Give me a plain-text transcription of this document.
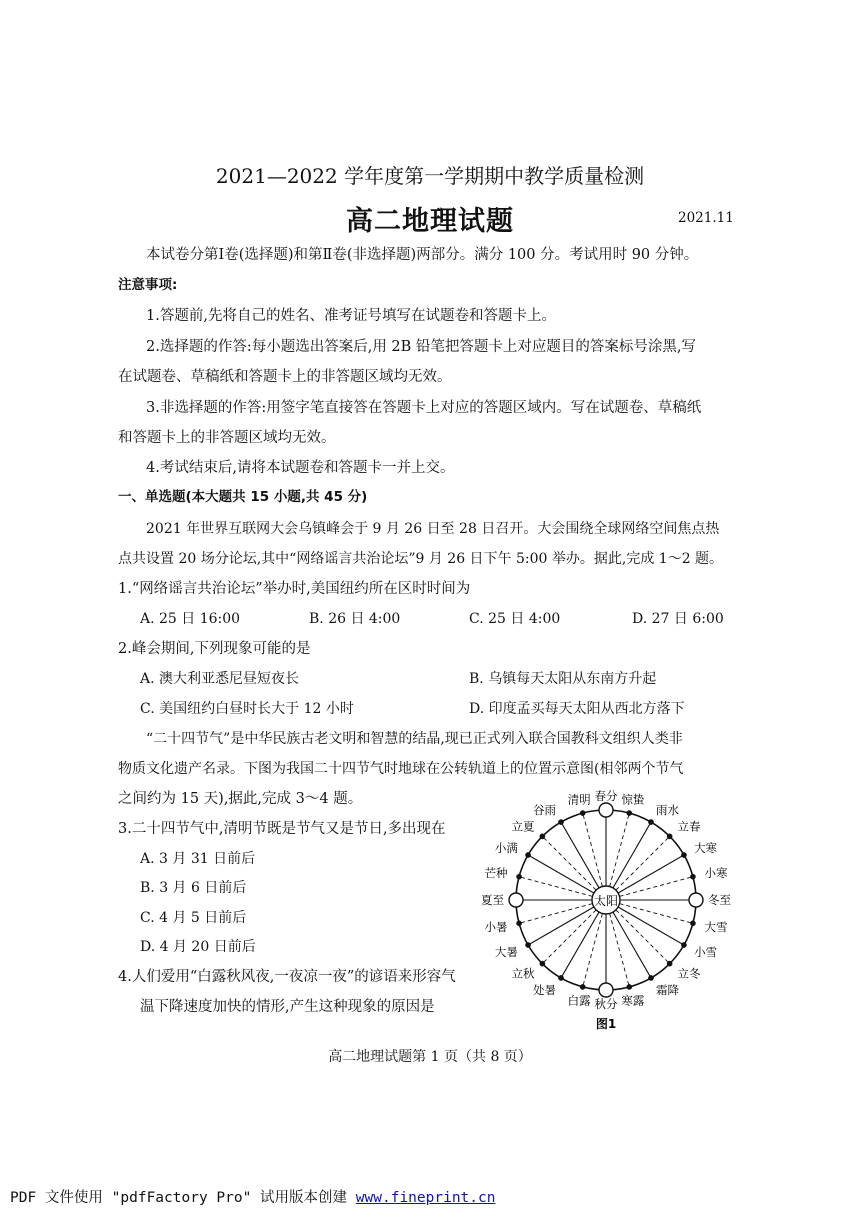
2021—2022 学年度第一学期期中教学质量检测
高二地理试题	2021.11
本试卷分第Ⅰ卷(选择题)和第Ⅱ卷(非选择题)两部分。满分 100 分。考试用时 90 分钟。
注意事项:
1.答题前,先将自己的姓名、准考证号填写在试题卷和答题卡上。
2.选择题的作答:每小题选出答案后,用 2B 铅笔把答题卡上对应题目的答案标号涂黑,写
在试题卷、草稿纸和答题卡上的非答题区域均无效。
3.非选择题的作答:用签字笔直接答在答题卡上对应的答题区域内。写在试题卷、草稿纸
和答题卡上的非答题区域均无效。
4.考试结束后,请将本试题卷和答题卡一并上交。
一、单选题(本大题共 15 小题,共 45 分)
2021 年世界互联网大会乌镇峰会于 9 月 26 日至 28 日召开。大会围绕全球网络空间焦点热
点共设置 20 场分论坛,其中“网络谣言共治论坛”9 月 26 日下午 5:00 举办。据此,完成 1～2 题。
1.“网络谣言共治论坛”举办时,美国纽约所在区时时间为
A. 25 日 16:00	B. 26 日 4:00	C. 25 日 4:00	D. 27 日 6:00
2.峰会期间,下列现象可能的是
A. 澳大利亚悉尼昼短夜长	B. 乌镇每天太阳从东南方升起
C. 美国纽约白昼时长大于 12 小时	D. 印度孟买每天太阳从西北方落下
“二十四节气”是中华民族古老文明和智慧的结晶,现已正式列入联合国教科文组织人类非
物质文化遗产名录。下图为我国二十四节气时地球在公转轨道上的位置示意图(相邻两个节气
之间约为 15 天),据此,完成 3～4 题。
3.二十四节气中,清明节既是节气又是节日,多出现在
A. 3 月 31 日前后
B. 3 月 6 日前后
C. 4 月 5 日前后
D. 4 月 20 日前后
4.人们爱用“白露秋风夜,一夜凉一夜”的谚语来形容气
温下降速度加快的情形,产生这种现象的原因是
春分 惊蛰
雨水
立春
大寒
小寒
冬至
大雪
小雪
立冬
霜降
寒露
秋分
白露
处暑
立秋
大暑
小暑
夏至
芒种
小满
立夏
谷雨
清明
太阳
图1
高二地理试题第 1 页（共 8 页）
PDF 文件使用 "pdfFactory Pro" 试用版本创建 www.fineprint.cn
